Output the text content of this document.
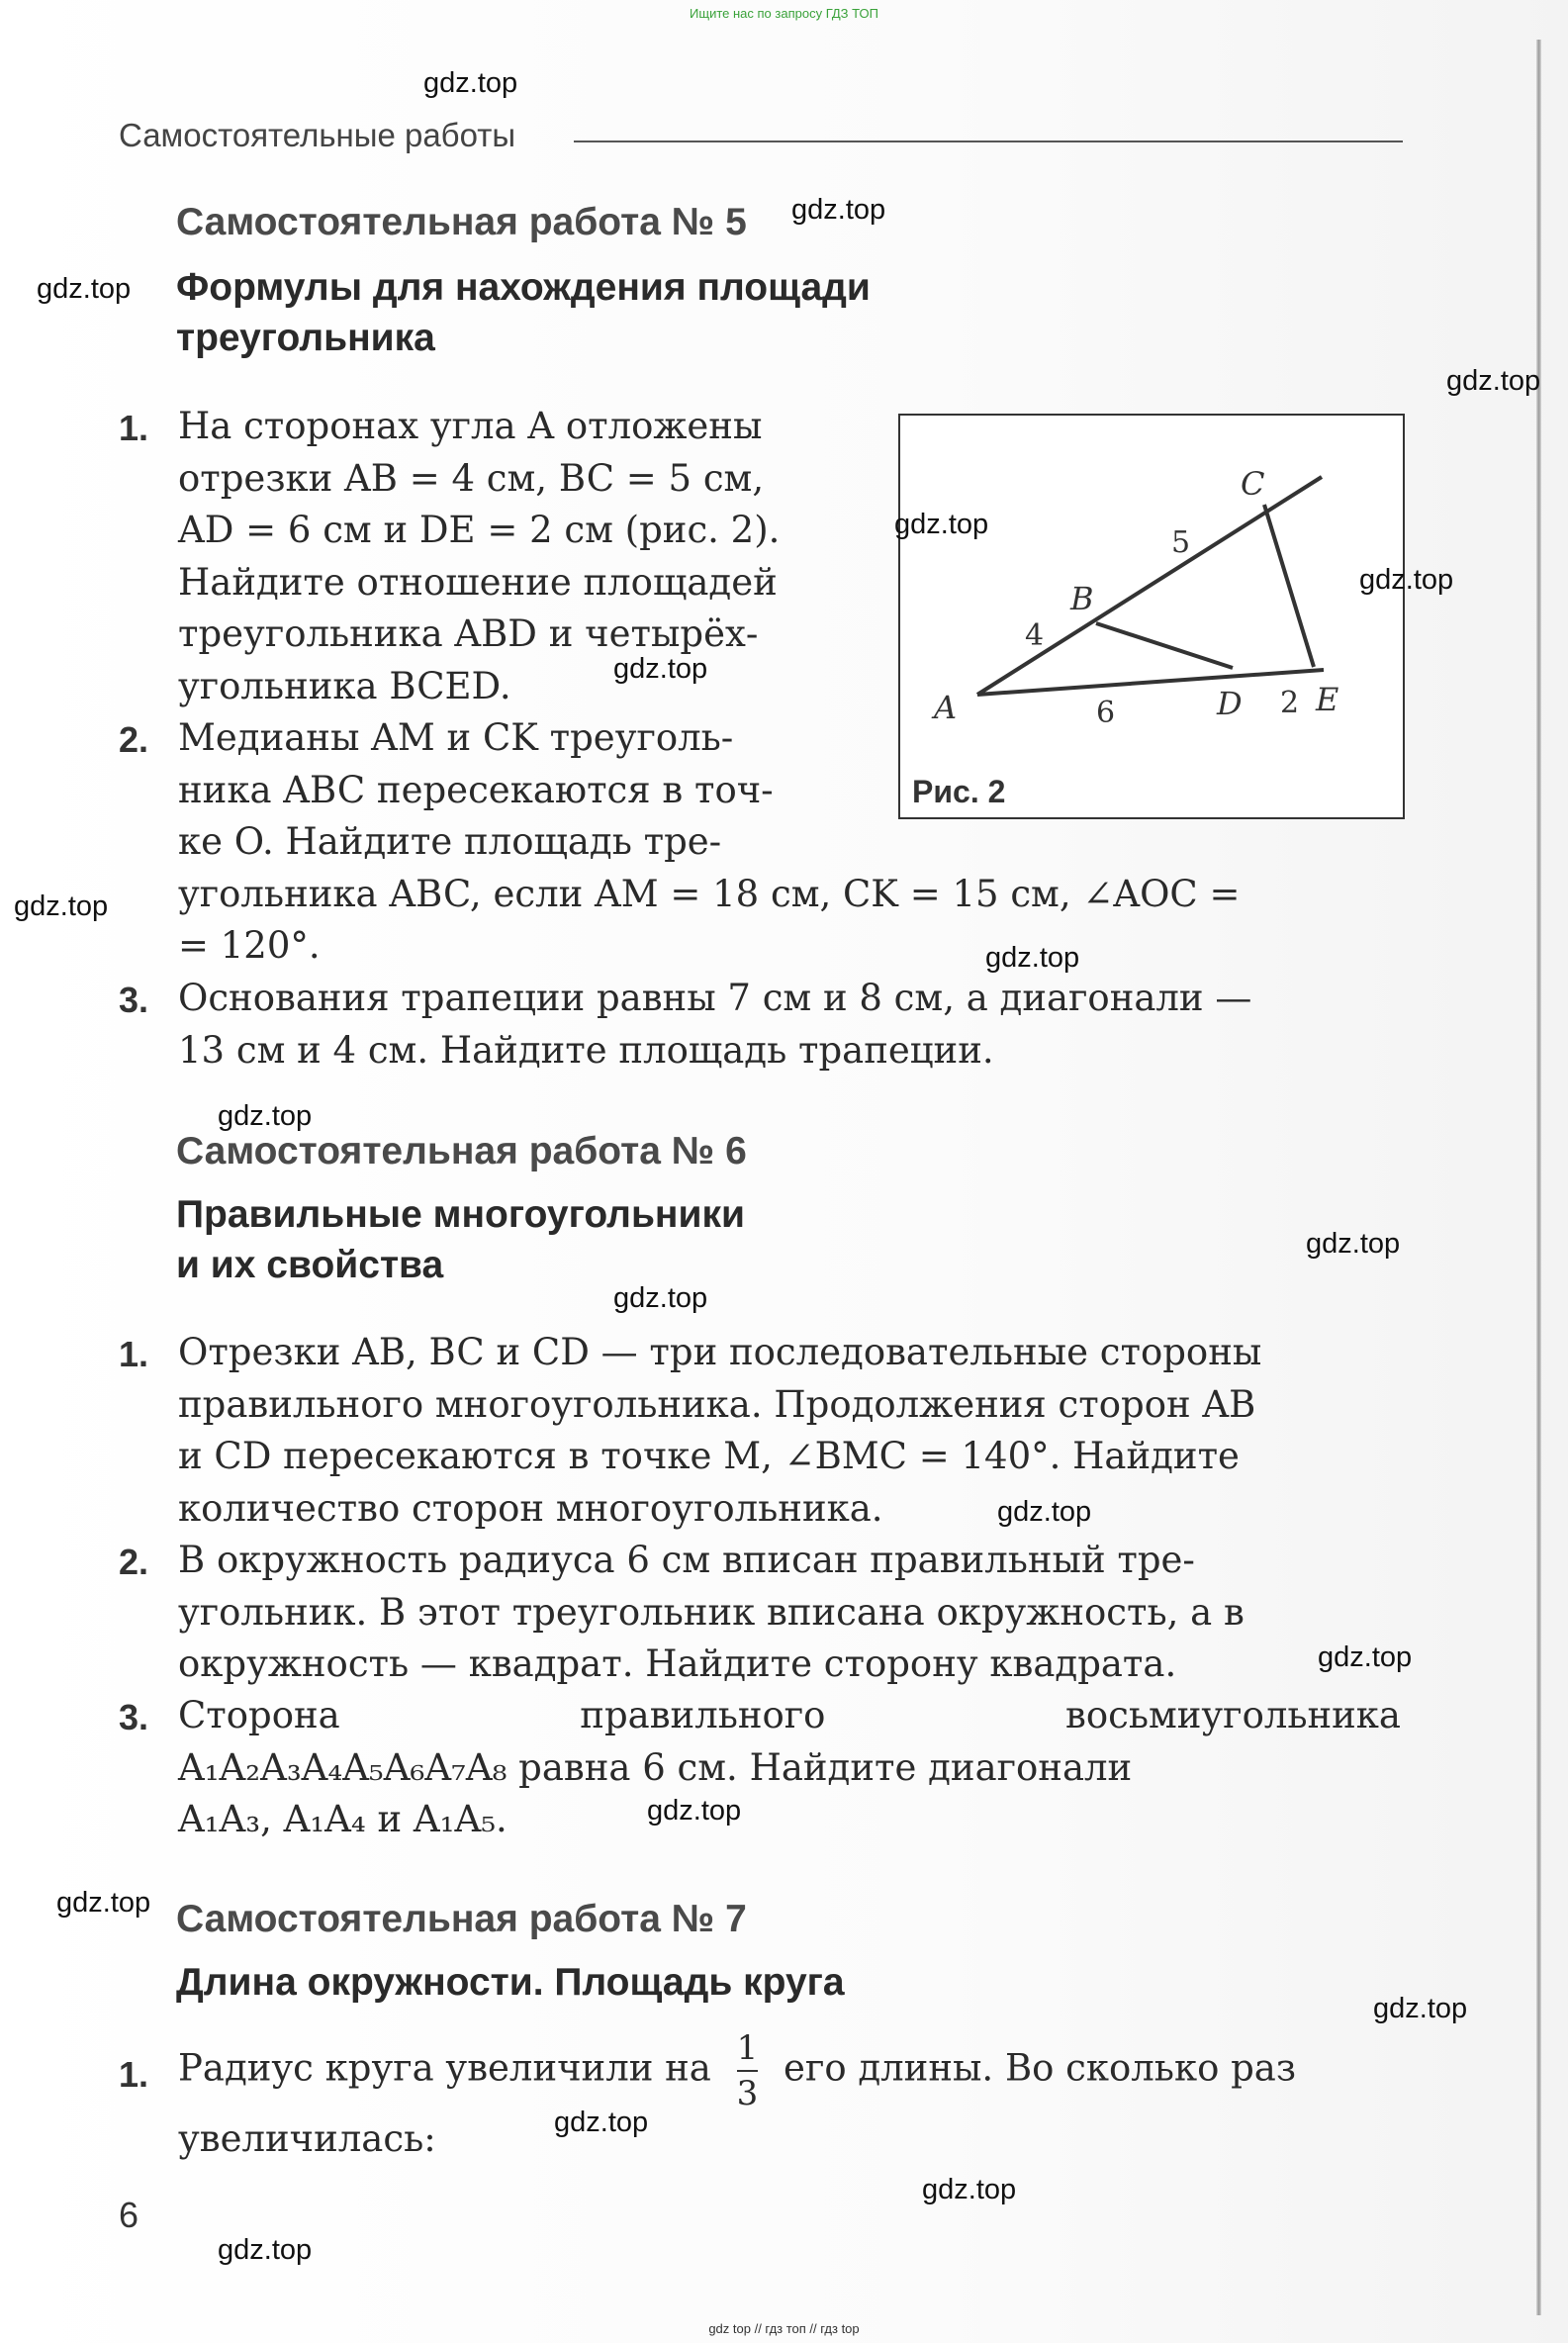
Ищите нас по запросу ГДЗ ТОП
Самостоятельные работы
Самостоятельная работа № 5
Формулы для нахождения площади
треугольника
1. На сторонах угла A отложены
отрезки AB = 4 см, BC = 5 см,
AD = 6 см и DE = 2 см (рис. 2).
Найдите отношение площадей
треугольника ABD и четырёх-
угольника BCED.
2. Медианы AM и CK треуголь-
ника ABC пересекаются в точ-
ке O. Найдите площадь тре-
угольника ABC, если AM = 18 см, CK = 15 см, ∠AOC =
= 120°.
3. Основания трапеции равны 7 см и 8 см, а диагонали —
13 см и 4 см. Найдите площадь трапеции.
A
B
C
D E
4
5
6	2
Рис. 2
Самостоятельная работа № 6
Правильные многоугольники
и их свойства
1. Отрезки AB, BC и CD — три последовательные стороны
правильного многоугольника. Продолжения сторон AB
и CD пересекаются в точке M, ∠BMC = 140°. Найдите
количество сторон многоугольника.
2. В окружность радиуса 6 см вписан правильный тре-
угольник. В этот треугольник вписана окружность, а в
окружность — квадрат. Найдите сторону квадрата.
3. Сторона правильного восьмиугольника
A₁A₂A₃A₄A₅A₆A₇A₈ равна 6 см. Найдите диагонали
A₁A₃, A₁A₄ и A₁A₅.
Самостоятельная работа № 7
Длина окружности. Площадь круга
1. Радиус круга увеличили на $\frac{1}{3}$ его длины. Во сколько раз
увеличилась:
6
gdz.top
gdz.top
gdz.top
gdz.top
gdz.top
gdz.top
gdz.top
gdz.top
gdz.top
gdz.top
gdz.top
gdz.top
gdz.top
gdz.top
gdz.top
gdz.top
gdz.top
gdz.top
gdz.top
gdz.top
gdz top // гдз топ // гдз top
